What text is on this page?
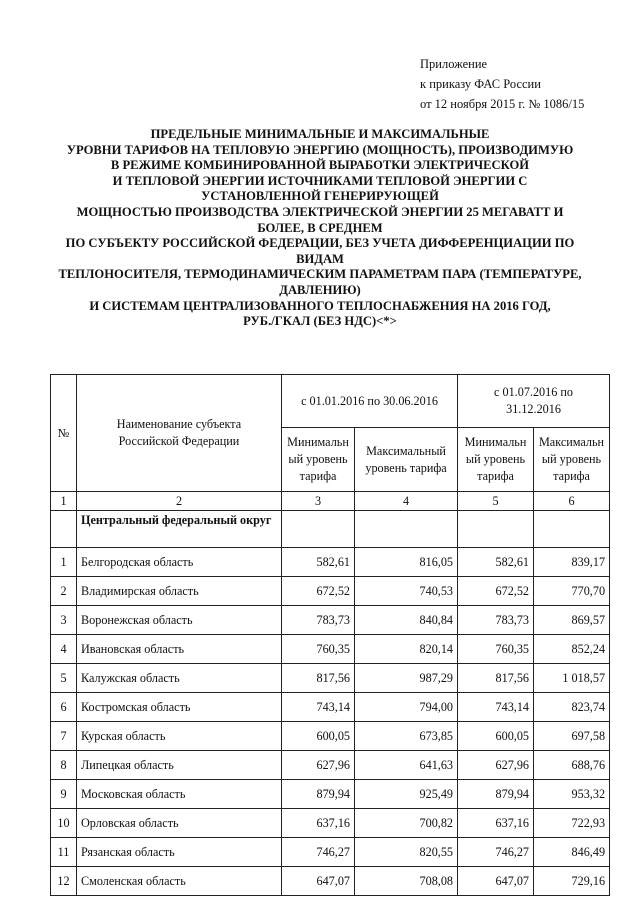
Приложение
к приказу ФАС России
от 12 ноября 2015 г. № 1086/15
ПРЕДЕЛЬНЫЕ МИНИМАЛЬНЫЕ И МАКСИМАЛЬНЫЕ
УРОВНИ ТАРИФОВ НА ТЕПЛОВУЮ ЭНЕРГИЮ (МОЩНОСТЬ), ПРОИЗВОДИМУЮ
В РЕЖИМЕ КОМБИНИРОВАННОЙ ВЫРАБОТКИ ЭЛЕКТРИЧЕСКОЙ
И ТЕПЛОВОЙ ЭНЕРГИИ ИСТОЧНИКАМИ ТЕПЛОВОЙ ЭНЕРГИИ С
УСТАНОВЛЕННОЙ ГЕНЕРИРУЮЩЕЙ
МОЩНОСТЬЮ ПРОИЗВОДСТВА ЭЛЕКТРИЧЕСКОЙ ЭНЕРГИИ 25 МЕГАВАТТ И
БОЛЕЕ, В СРЕДНЕМ
ПО СУБЪЕКТУ РОССИЙСКОЙ ФЕДЕРАЦИИ, БЕЗ УЧЕТА ДИФФЕРЕНЦИАЦИИ ПО
ВИДАМ
ТЕПЛОНОСИТЕЛЯ, ТЕРМОДИНАМИЧЕСКИМ ПАРАМЕТРАМ ПАРА (ТЕМПЕРАТУРЕ,
ДАВЛЕНИЮ)
И СИСТЕМАМ ЦЕНТРАЛИЗОВАННОГО ТЕПЛОСНАБЖЕНИЯ НА 2016 ГОД,
РУБ./ГКАЛ (БЕЗ НДС)<*>
№	Наименование субъекта Российской Федерации	с 01.01.2016 по 30.06.2016		с 01.07.2016 по 31.12.2016	
		Минимальный уровень тарифа	Максимальный уровень тарифа	Минимальный уровень тарифа	Максимальный уровень тарифа
1	2	3	4	5	6
	Центральный федеральный округ				
1	Белгородская область	582,61	816,05	582,61	839,17
2	Владимирская область	672,52	740,53	672,52	770,70
3	Воронежская область	783,73	840,84	783,73	869,57
4	Ивановская область	760,35	820,14	760,35	852,24
5	Калужская область	817,56	987,29	817,56	1 018,57
6	Костромская область	743,14	794,00	743,14	823,74
7	Курская область	600,05	673,85	600,05	697,58
8	Липецкая область	627,96	641,63	627,96	688,76
9	Московская область	879,94	925,49	879,94	953,32
10	Орловская область	637,16	700,82	637,16	722,93
11	Рязанская область	746,27	820,55	746,27	846,49
12	Смоленская область	647,07	708,08	647,07	729,16
